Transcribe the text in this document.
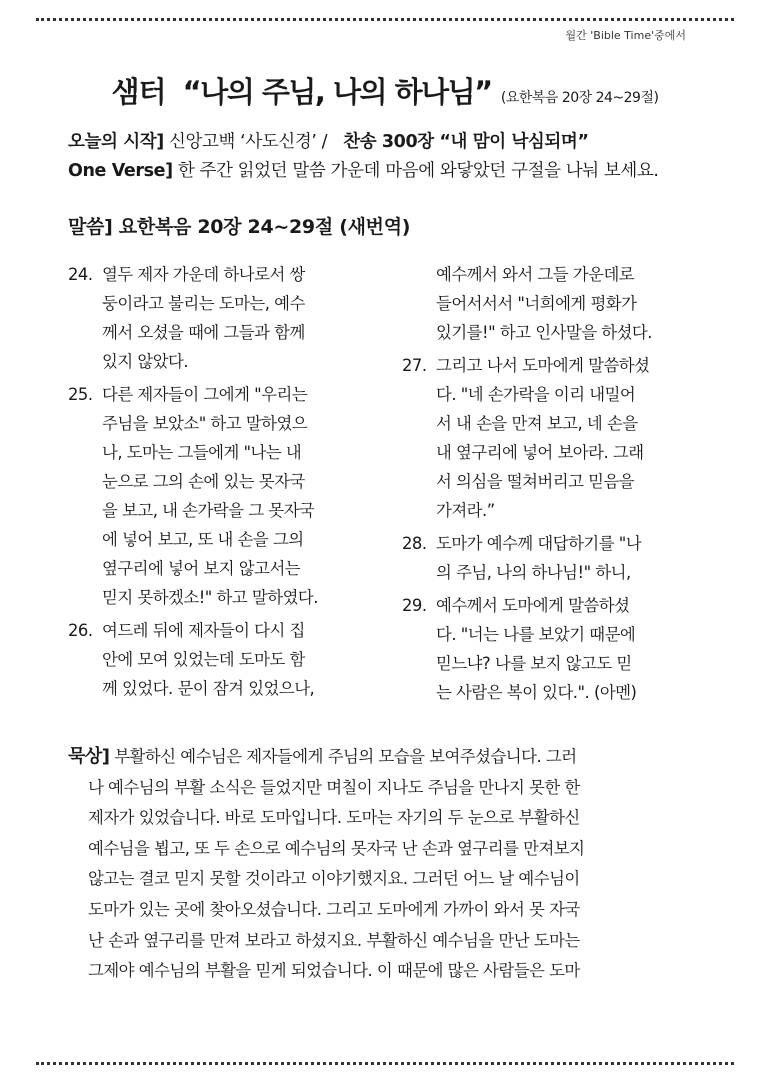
월간 'Bible Time'중에서
샘터 “나의 주님, 나의 하나님” (요한복음 20장 24~29절)
오늘의 시작] 신앙고백 ‘사도신경’ / 찬송 300장 “내 맘이 낙심되며”
One Verse] 한 주간 읽었던 말씀 가운데 마음에 와닿았던 구절을 나눠 보세요.
말씀] 요한복음 20장 24~29절 (새번역)
24. 열두 제자 가운데 하나로서 쌍
둥이라고 불리는 도마는, 예수
께서 오셨을 때에 그들과 함께
있지 않았다.
25. 다른 제자들이 그에게 "우리는
주님을 보았소" 하고 말하였으
나, 도마는 그들에게 "나는 내
눈으로 그의 손에 있는 못자국
을 보고, 내 손가락을 그 못자국
에 넣어 보고, 또 내 손을 그의
옆구리에 넣어 보지 않고서는
믿지 못하겠소!" 하고 말하였다.
26. 여드레 뒤에 제자들이 다시 집
안에 모여 있었는데 도마도 함
께 있었다. 문이 잠겨 있었으나,
예수께서 와서 그들 가운데로
들어서서서 "너희에게 평화가
있기를!" 하고 인사말을 하셨다.
27. 그리고 나서 도마에게 말씀하셨
다. "네 손가락을 이리 내밀어
서 내 손을 만져 보고, 네 손을
내 옆구리에 넣어 보아라. 그래
서 의심을 떨쳐버리고 믿음을
가져라.”
28. 도마가 예수께 대답하기를 "나
의 주님, 나의 하나님!" 하니,
29. 예수께서 도마에게 말씀하셨
다. "너는 나를 보았기 때문에
믿느냐? 나를 보지 않고도 믿
는 사람은 복이 있다.". (아멘)
묵상] 부활하신 예수님은 제자들에게 주님의 모습을 보여주셨습니다. 그러
나 예수님의 부활 소식은 들었지만 며칠이 지나도 주님을 만나지 못한 한
제자가 있었습니다. 바로 도마입니다. 도마는 자기의 두 눈으로 부활하신
예수님을 뵙고, 또 두 손으로 예수님의 못자국 난 손과 옆구리를 만져보지
않고는 결코 믿지 못할 것이라고 이야기했지요. 그러던 어느 날 예수님이
도마가 있는 곳에 찾아오셨습니다. 그리고 도마에게 가까이 와서 못 자국
난 손과 옆구리를 만져 보라고 하셨지요. 부활하신 예수님을 만난 도마는
그제야 예수님의 부활을 믿게 되었습니다. 이 때문에 많은 사람들은 도마
